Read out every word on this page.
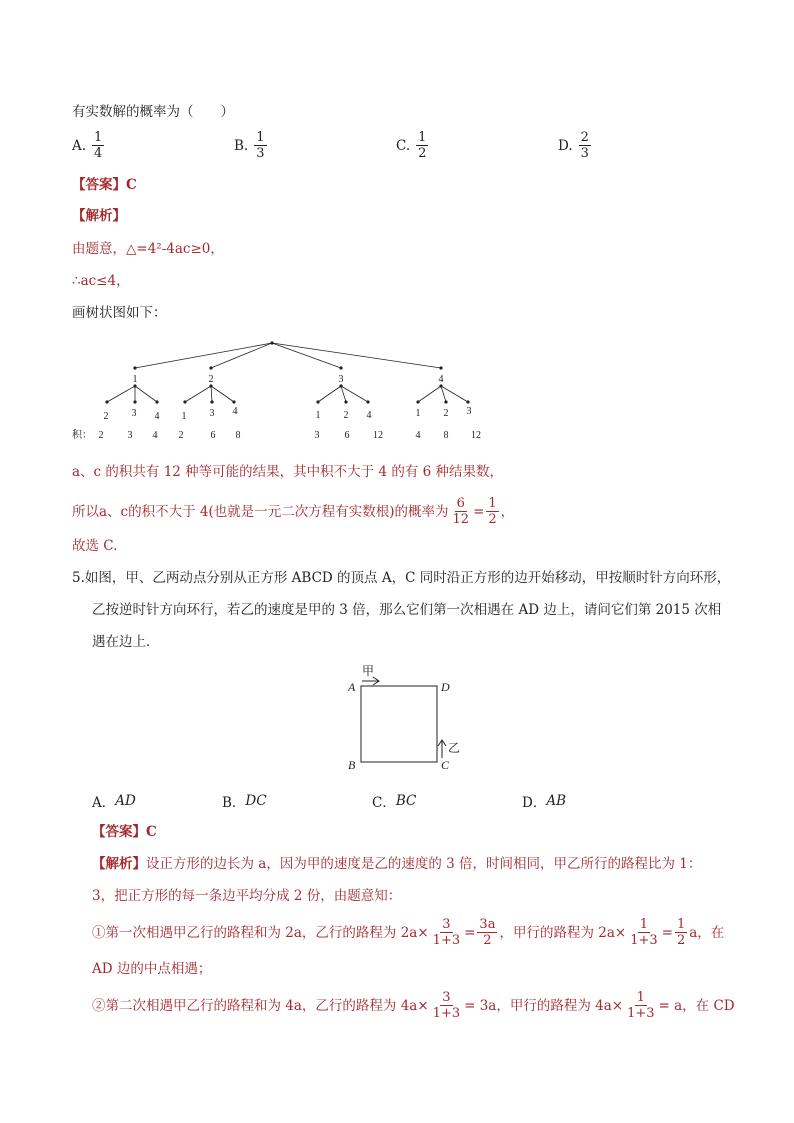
有实数解的概率为（　　）
A. $\frac{1}{4}$	B. $\frac{1}{3}$	C. $\frac{1}{2}$	D. $\frac{2}{3}$
【答案】C
【解析】
由题意，△=4²-4ac≥0，
∴ac≤4，
画树状图如下：
1	2	3	4
2 3 4 1 3 4	1 2 4	1 2 3
积： 2 3 4 2	6 8	3	6 12	4 8 12
a、c 的积共有 12 种等可能的结果，其中积不大于 4 的有 6 种结果数，
所以a、c的积不大于 4(也就是一元二次方程有实数根)的概率为 $\frac{6}{12} = \frac{1}{2}$ ，
故选 C.
5.如图，甲、乙两动点分别从正方形 ABCD 的顶点 A，C 同时沿正方形的边开始移动，甲按顺时针方向环形，
乙按逆时针方向环行，若乙的速度是甲的 3 倍，那么它们第一次相遇在 AD 边上，请问它们第 2015 次相
遇在边上．
A	D
B	C
甲
乙
A． AD	B． DC	C． BC	D． AB
【答案】C
【解析】设正方形的边长为 a，因为甲的速度是乙的速度的 3 倍，时间相同，甲乙所行的路程比为 1：
3，把正方形的每一条边平均分成 2 份，由题意知：
①第一次相遇甲乙行的路程和为 2a，乙行的路程为 $2a\times \frac{3}{1+3} = \frac{3a}{2}$ ，甲行的路程为 $2a\times \frac{1}{1+3} = \frac{1}{2}$ a，在
AD 边的中点相遇；
②第二次相遇甲乙行的路程和为 4a，乙行的路程为 $4a\times \frac{3}{1+3} = 3a$，甲行的路程为 $4a\times \frac{1}{1+3} = a$，在 CD
